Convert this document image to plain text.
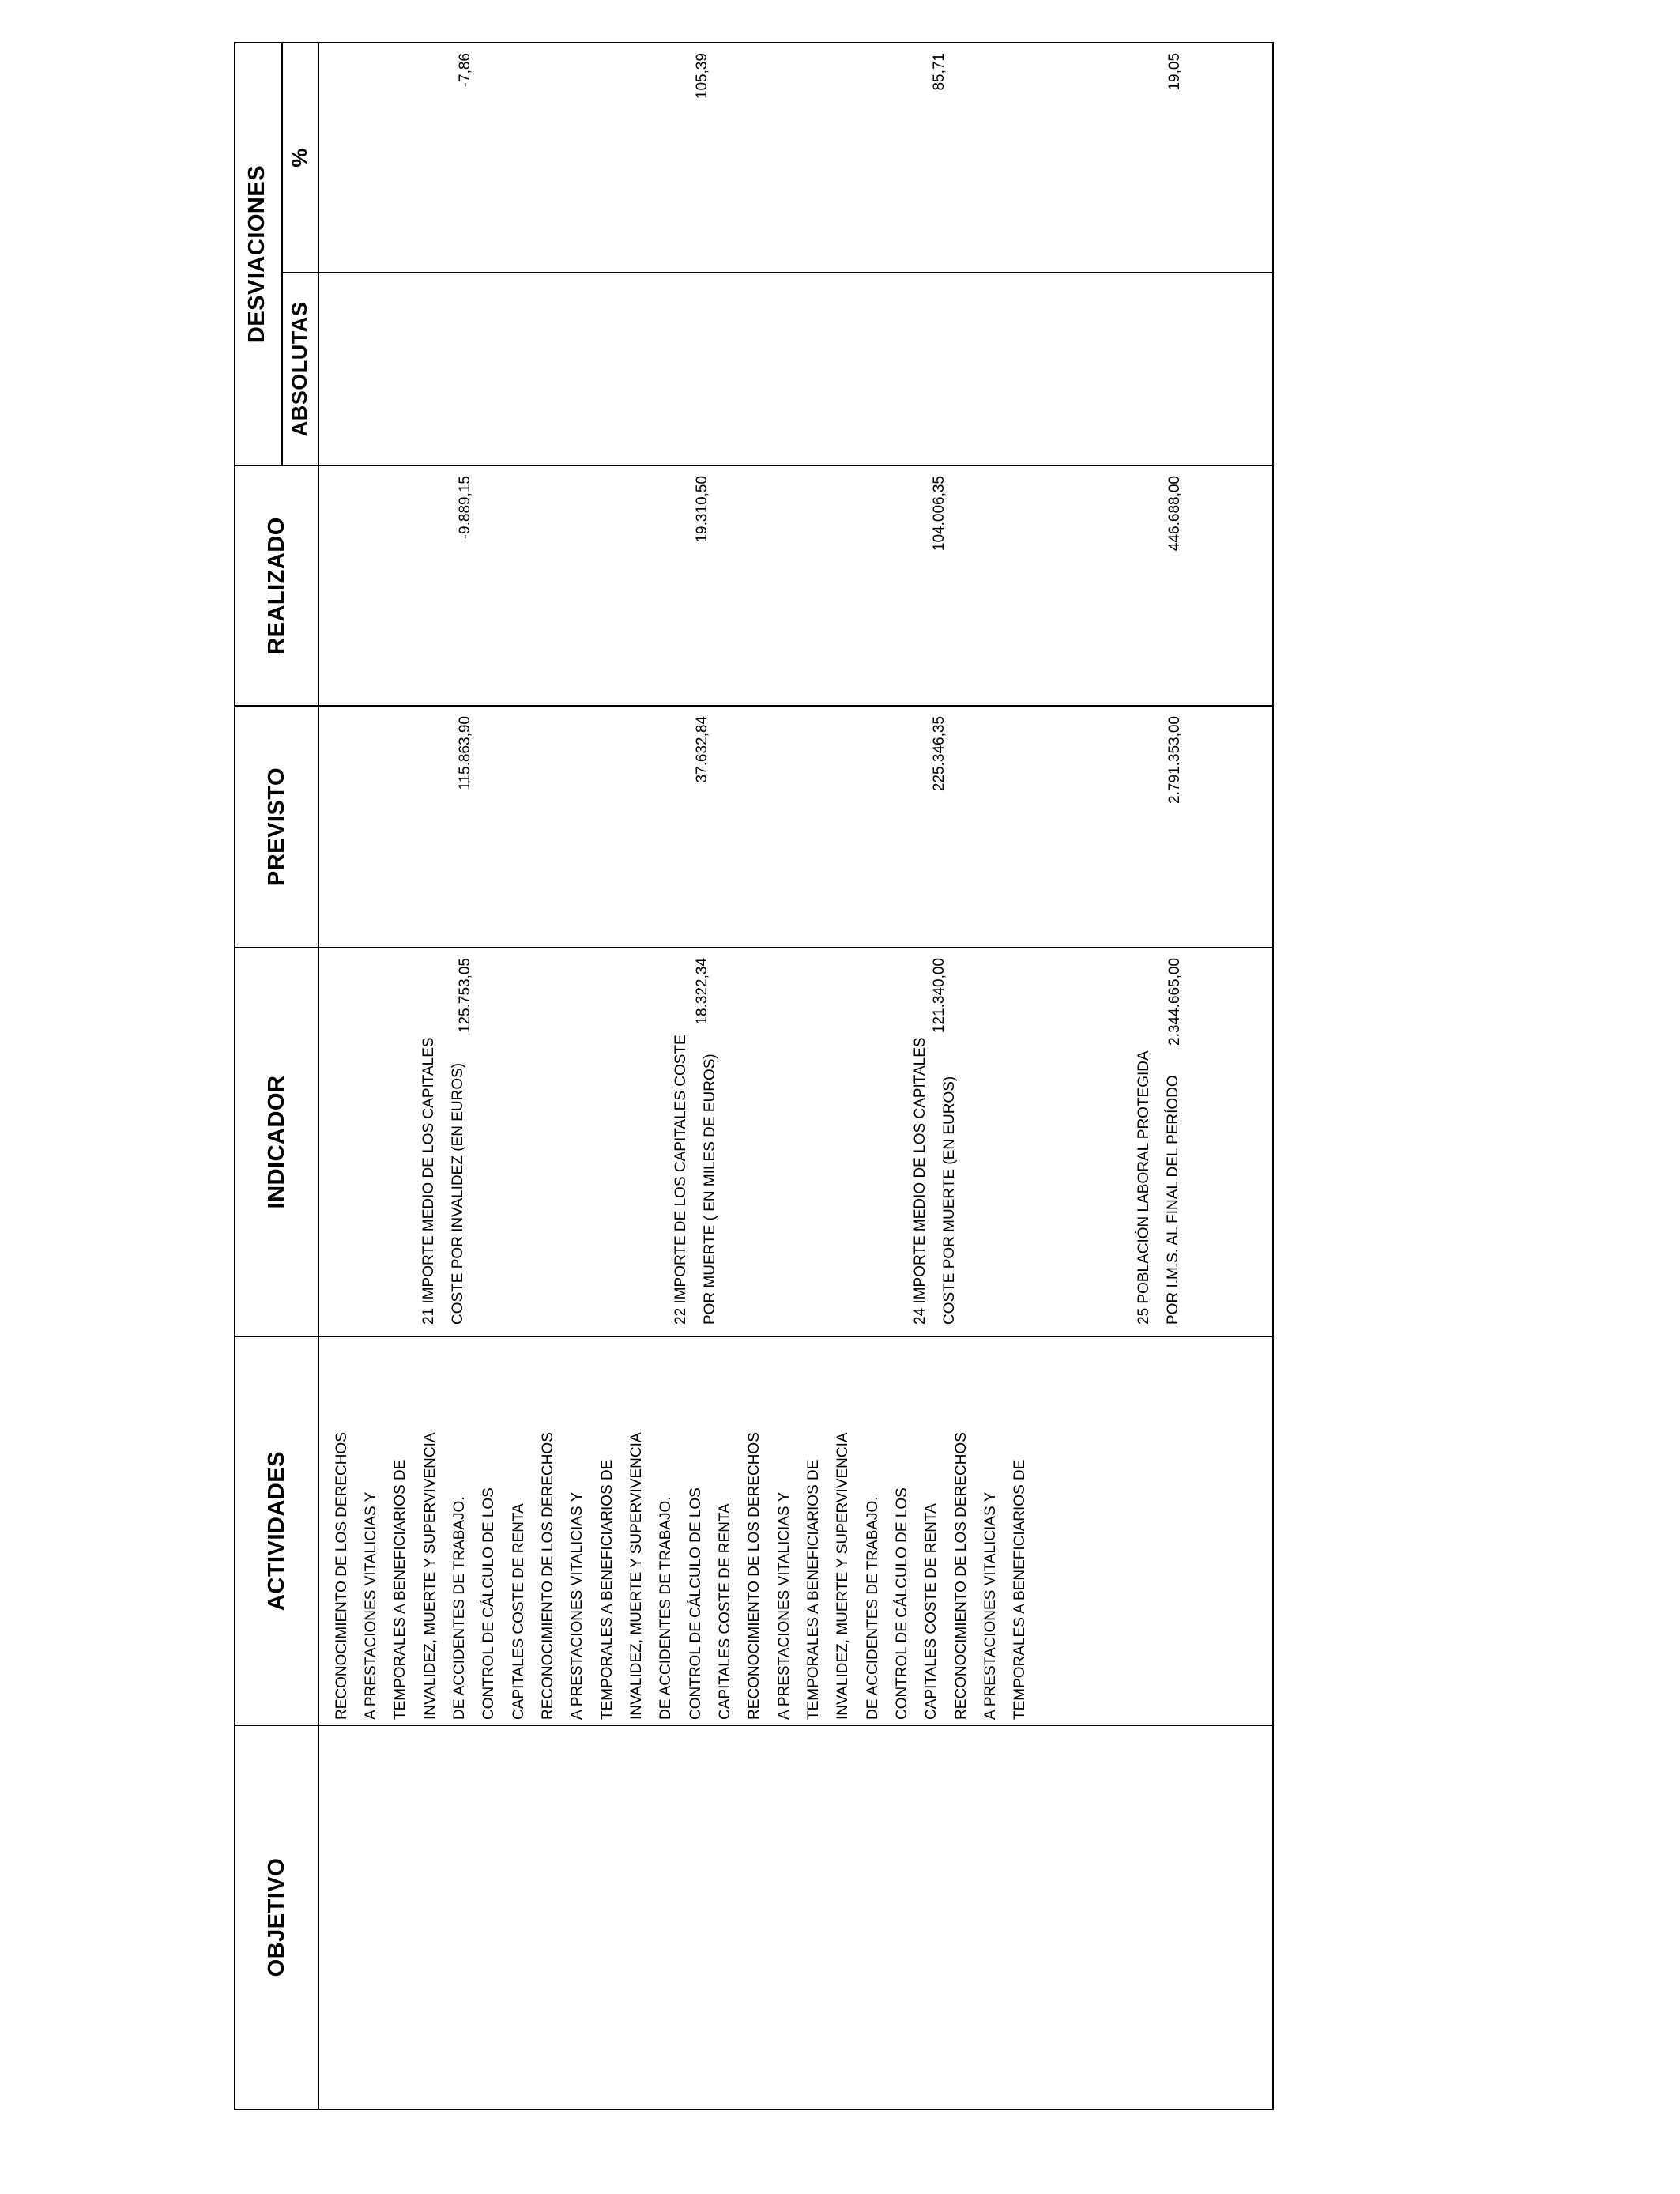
OBJETIVO
ACTIVIDADES
INDICADOR
PREVISTO
REALIZADO
DESVIACIONES
ABSOLUTAS
%
RECONOCIMIENTO DE LOS DERECHOS A PRESTACIONES VITALICIAS Y TEMPORALES A BENEFICIARIOS DE INVALIDEZ, MUERTE Y SUPERVIVENCIA DE ACCIDENTES DE TRABAJO. CONTROL DE CÁLCULO DE LOS CAPITALES COSTE DE RENTA RECONOCIMIENTO DE LOS DERECHOS A PRESTACIONES VITALICIAS Y TEMPORALES A BENEFICIARIOS DE INVALIDEZ, MUERTE Y SUPERVIVENCIA DE ACCIDENTES DE TRABAJO. CONTROL DE CÁLCULO DE LOS CAPITALES COSTE DE RENTA RECONOCIMIENTO DE LOS DERECHOS A PRESTACIONES VITALICIAS Y TEMPORALES A BENEFICIARIOS DE INVALIDEZ, MUERTE Y SUPERVIVENCIA DE ACCIDENTES DE TRABAJO. CONTROL DE CÁLCULO DE LOS CAPITALES COSTE DE RENTA RECONOCIMIENTO DE LOS DERECHOS A PRESTACIONES VITALICIAS Y TEMPORALES A BENEFICIARIOS DE
21 IMPORTE MEDIO DE LOS CAPITALES COSTE POR INVALIDEZ (EN EUROS)
125.753,05
115.863,90
-9.889,15
-7,86
22 IMPORTE DE LOS CAPITALES COSTE POR MUERTE ( EN MILES DE EUROS)
18.322,34
37.632,84
19.310,50
105,39
24 IMPORTE MEDIO DE LOS CAPITALES COSTE POR MUERTE (EN EUROS)
121.340,00
225.346,35
104.006,35
85,71
25 POBLACIÓN LABORAL PROTEGIDA POR I.M.S. AL FINAL DEL PERÍODO
2.344.665,00
2.791.353,00
446.688,00
19,05
